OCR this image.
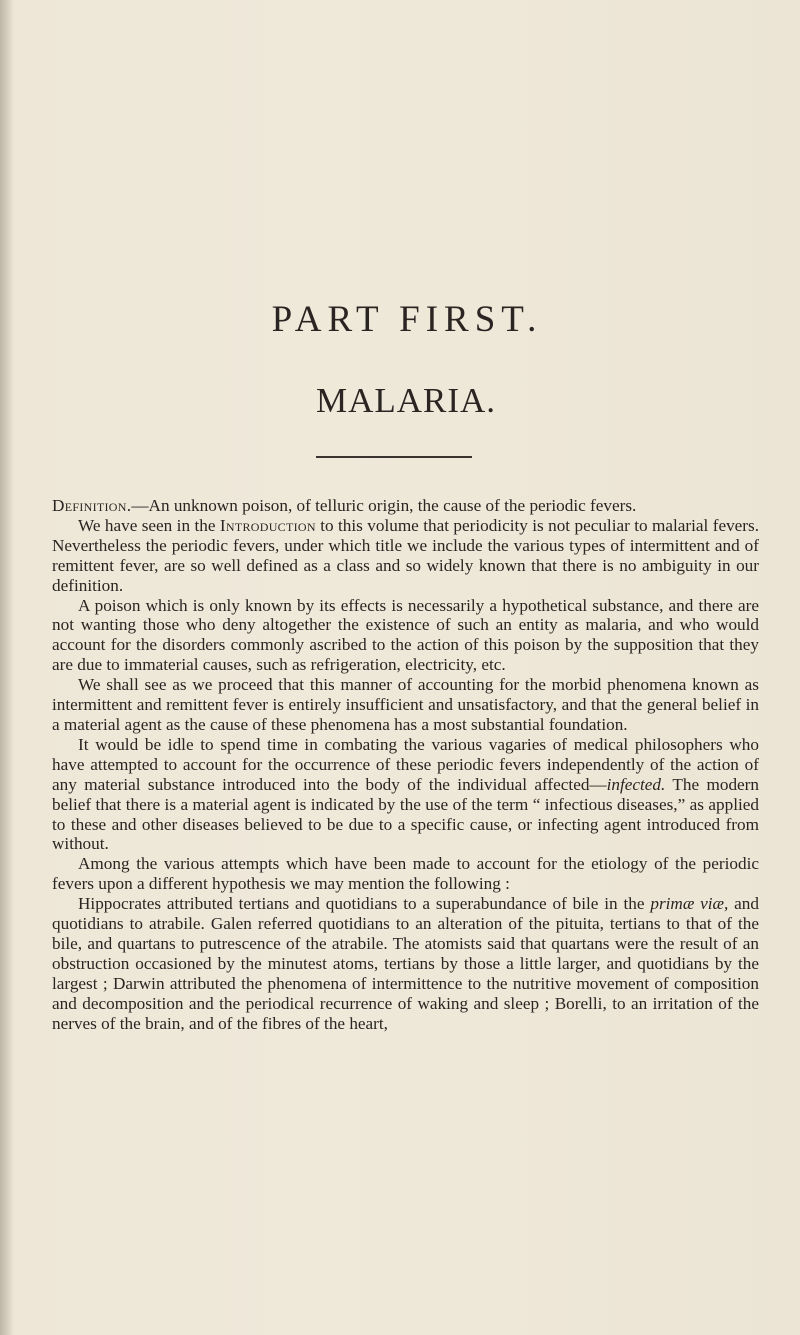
PART FIRST.
MALARIA.

Definition.—An unknown poison, of telluric origin, the cause of the periodic fevers.

We have seen in the Introduction to this volume that periodicity is not peculiar to malarial fevers. Nevertheless the periodic fevers, under which title we include the various types of intermittent and of remittent fever, are so well defined as a class and so widely known that there is no ambiguity in our definition.

A poison which is only known by its effects is necessarily a hypothetical substance, and there are not wanting those who deny altogether the existence of such an entity as malaria, and who would account for the disorders commonly ascribed to the action of this poison by the supposition that they are due to immaterial causes, such as refrigeration, electricity, etc.

We shall see as we proceed that this manner of accounting for the morbid phenomena known as intermittent and remittent fever is entirely insufficient and unsatisfactory, and that the general belief in a material agent as the cause of these phenomena has a most substantial foundation.

It would be idle to spend time in combating the various vagaries of medical philosophers who have attempted to account for the occurrence of these periodic fevers independently of the action of any material substance introduced into the body of the individual affected—infected. The modern belief that there is a material agent is indicated by the use of the term “ infectious diseases,” as applied to these and other diseases believed to be due to a specific cause, or infecting agent introduced from without.

Among the various attempts which have been made to account for the etiology of the periodic fevers upon a different hypothesis we may mention the following :

Hippocrates attributed tertians and quotidians to a superabundance of bile in the primæ viæ, and quotidians to atrabile. Galen referred quotidians to an alteration of the pituita, tertians to that of the bile, and quartans to putrescence of the atrabile. The atomists said that quartans were the result of an obstruction occasioned by the minutest atoms, tertians by those a little larger, and quotidians by the largest ; Darwin attributed the phenomena of intermittence to the nutritive movement of composition and decomposition and the periodical recurrence of waking and sleep ; Borelli, to an irritation of the nerves of the brain, and of the fibres of the heart,
